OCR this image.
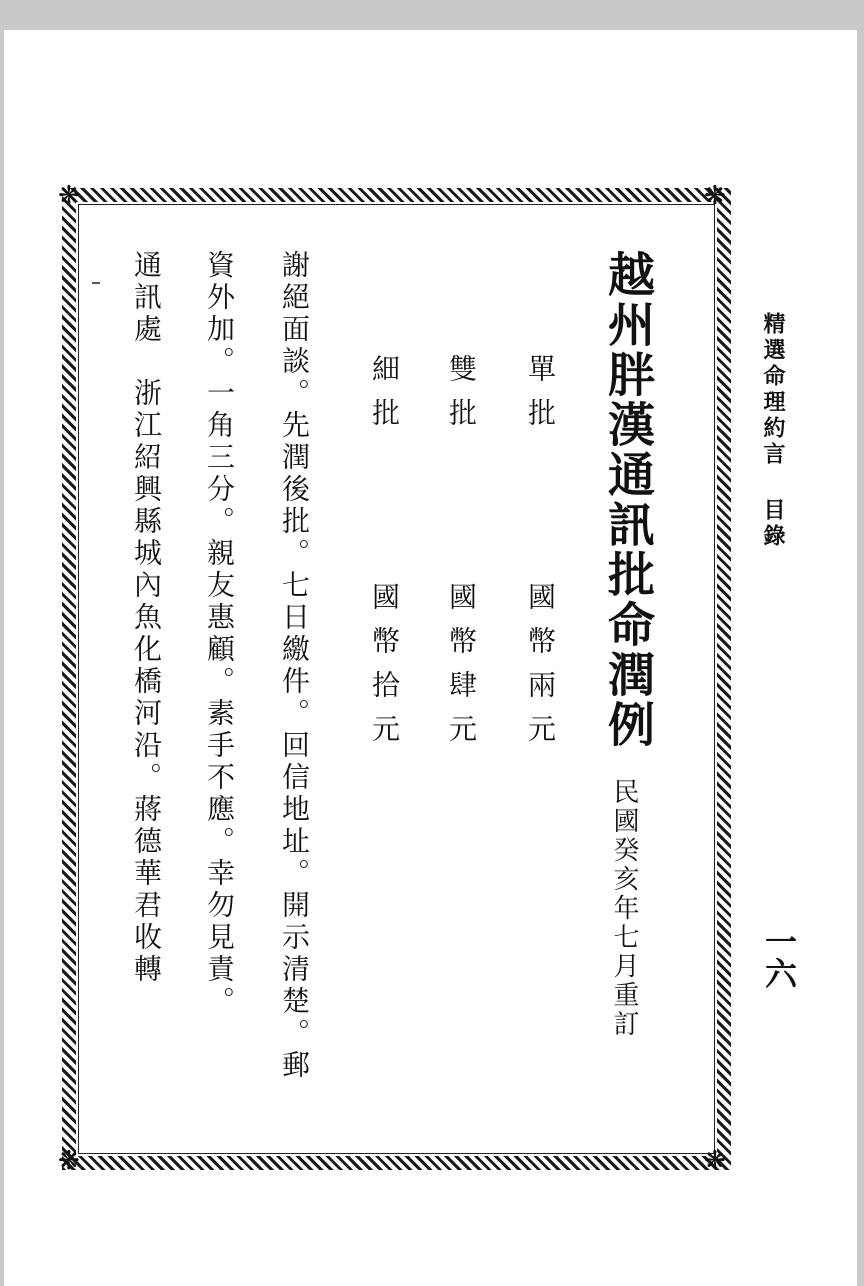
精選命理約言 目錄
一六
❋	❋
❋	❋
越州胖漢通訊批命潤例
民國癸亥年七月重訂
單批
國幣兩元
雙批
國幣肆元
細批
國幣拾元
謝絕面談。先潤後批。七日繳件。回信地址。開示清楚。郵
資外加。一角三分。親友惠顧。素手不應。幸勿見責。
通訊處　浙江紹興縣城內魚化橋河沿。蔣德華君收轉
